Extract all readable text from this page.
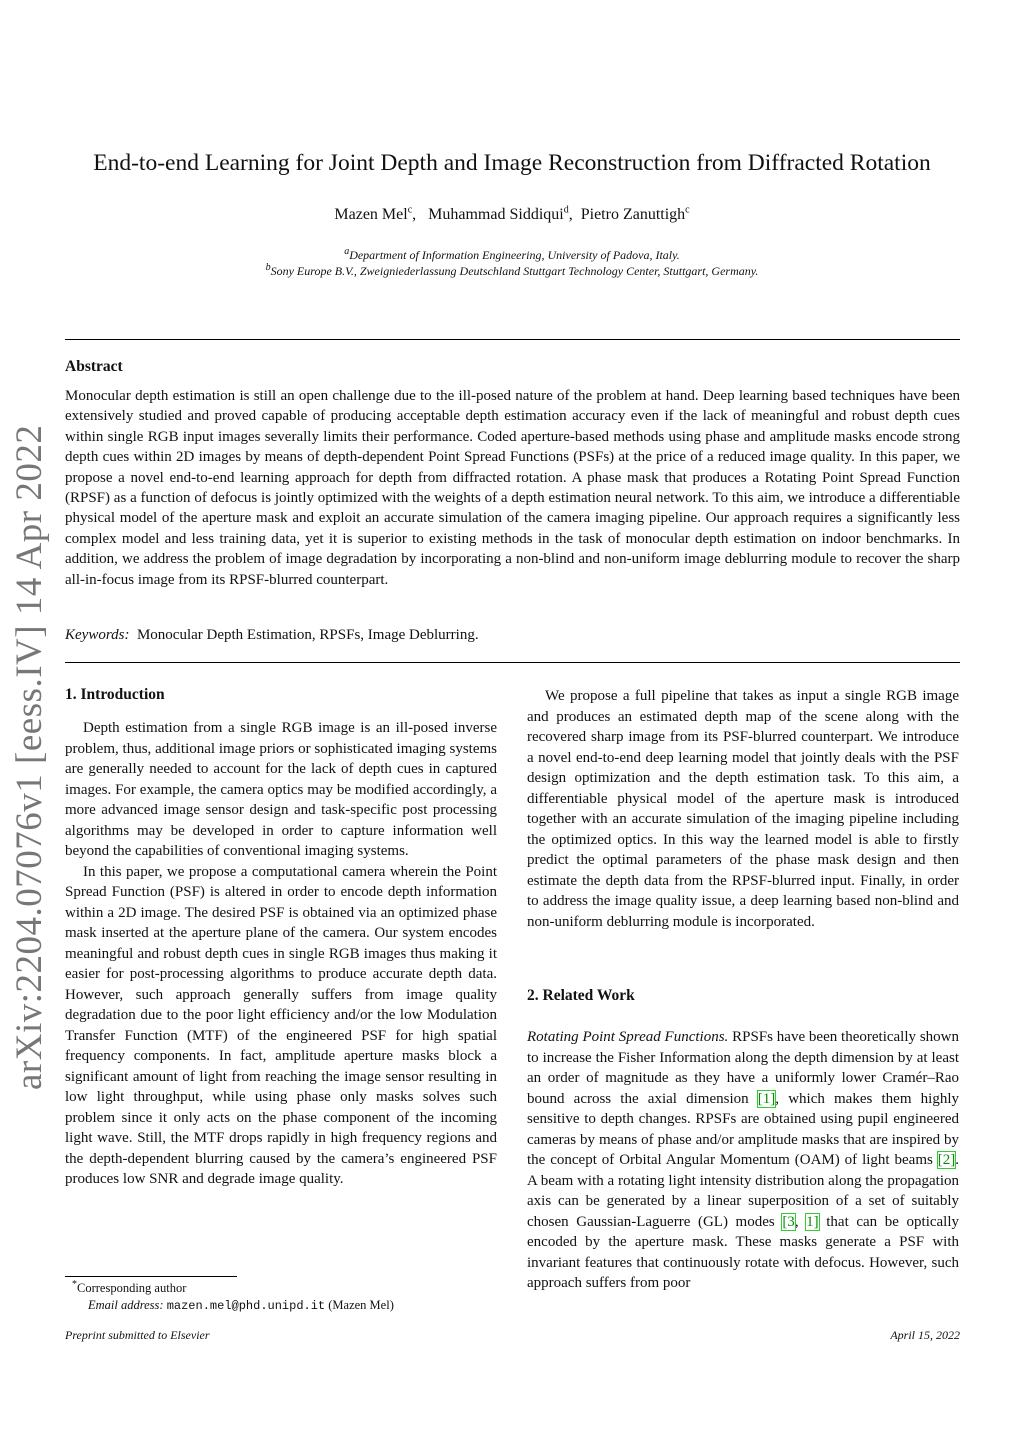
End-to-end Learning for Joint Depth and Image Reconstruction from Diffracted Rotation
Mazen Mel$^c$,   Muhammad Siddiqui$^d$,  Pietro Zanuttigh$^c$
$^a$Department of Information Engineering, University of Padova, Italy.
$^b$Sony Europe B.V., Zweigniederlassung Deutschland Stuttgart Technology Center, Stuttgart, Germany.
Abstract

Monocular depth estimation is still an open challenge due to the ill-posed nature of the problem at hand. Deep learning based techniques have been extensively studied and proved capable of producing acceptable depth estimation accuracy even if the lack of meaningful and robust depth cues within single RGB input images severally limits their performance. Coded aperture-based methods using phase and amplitude masks encode strong depth cues within 2D images by means of depth-dependent Point Spread Functions (PSFs) at the price of a reduced image quality. In this paper, we propose a novel end-to-end learning approach for depth from diffracted rotation. A phase mask that produces a Rotating Point Spread Function (RPSF) as a function of defocus is jointly optimized with the weights of a depth estimation neural network. To this aim, we introduce a differentiable physical model of the aperture mask and exploit an accurate simulation of the camera imaging pipeline. Our approach requires a significantly less complex model and less training data, yet it is superior to existing methods in the task of monocular depth estimation on indoor benchmarks. In addition, we address the problem of image degradation by incorporating a non-blind and non-uniform image deblurring module to recover the sharp all-in-focus image from its RPSF-blurred counterpart.

Keywords: Monocular Depth Estimation, RPSFs, Image Deblurring.
1. Introduction

Depth estimation from a single RGB image is an ill-posed inverse problem, thus, additional image priors or sophisticated imaging systems are generally needed to account for the lack of depth cues in captured images. For example, the camera optics may be modified accordingly, a more advanced image sensor design and task-specific post processing algorithms may be developed in order to capture information well beyond the capabilities of conventional imaging systems.

In this paper, we propose a computational camera wherein the Point Spread Function (PSF) is altered in order to encode depth information within a 2D image. The desired PSF is obtained via an optimized phase mask inserted at the aperture plane of the camera. Our system encodes meaningful and robust depth cues in single RGB images thus making it easier for post-processing algorithms to produce accurate depth data. However, such approach generally suffers from image quality degradation due to the poor light efficiency and/or the low Modulation Transfer Function (MTF) of the engineered PSF for high spatial frequency components. In fact, amplitude aperture masks block a significant amount of light from reaching the image sensor resulting in low light throughput, while using phase only masks solves such problem since it only acts on the phase component of the incoming light wave. Still, the MTF drops rapidly in high frequency regions and the depth-dependent blurring caused by the camera’s engineered PSF produces low SNR and degrade image quality.

We propose a full pipeline that takes as input a single RGB image and produces an estimated depth map of the scene along with the recovered sharp image from its PSF-blurred counterpart. We introduce a novel end-to-end deep learning model that jointly deals with the PSF design optimization and the depth estimation task. To this aim, a differentiable physical model of the aperture mask is introduced together with an accurate simulation of the imaging pipeline including the optimized optics. In this way the learned model is able to firstly predict the optimal parameters of the phase mask design and then estimate the depth data from the RPSF-blurred input. Finally, in order to address the image quality issue, a deep learning based non-blind and non-uniform deblurring module is incorporated.

2. Related Work

Rotating Point Spread Functions. RPSFs have been theoretically shown to increase the Fisher Information along the depth dimension by at least an order of magnitude as they have a uniformly lower Cramér–Rao bound across the axial dimension [1], which makes them highly sensitive to depth changes. RPSFs are obtained using pupil engineered cameras by means of phase and/or amplitude masks that are inspired by the concept of Orbital Angular Momentum (OAM) of light beams [2]. A beam with a rotating light intensity distribution along the propagation axis can be generated by a linear superposition of a set of suitably chosen Gaussian-Laguerre (GL) modes [3, 1] that can be optically encoded by the aperture mask. These masks generate a PSF with invariant features that continuously rotate with defocus. However, such approach suffers from poor

*Corresponding author
Email address: mazen.mel@phd.unipd.it (Mazen Mel)
Preprint submitted to Elsevier	April 15, 2022
arXiv:2204.07076v1 [eess.IV] 14 Apr 2022
